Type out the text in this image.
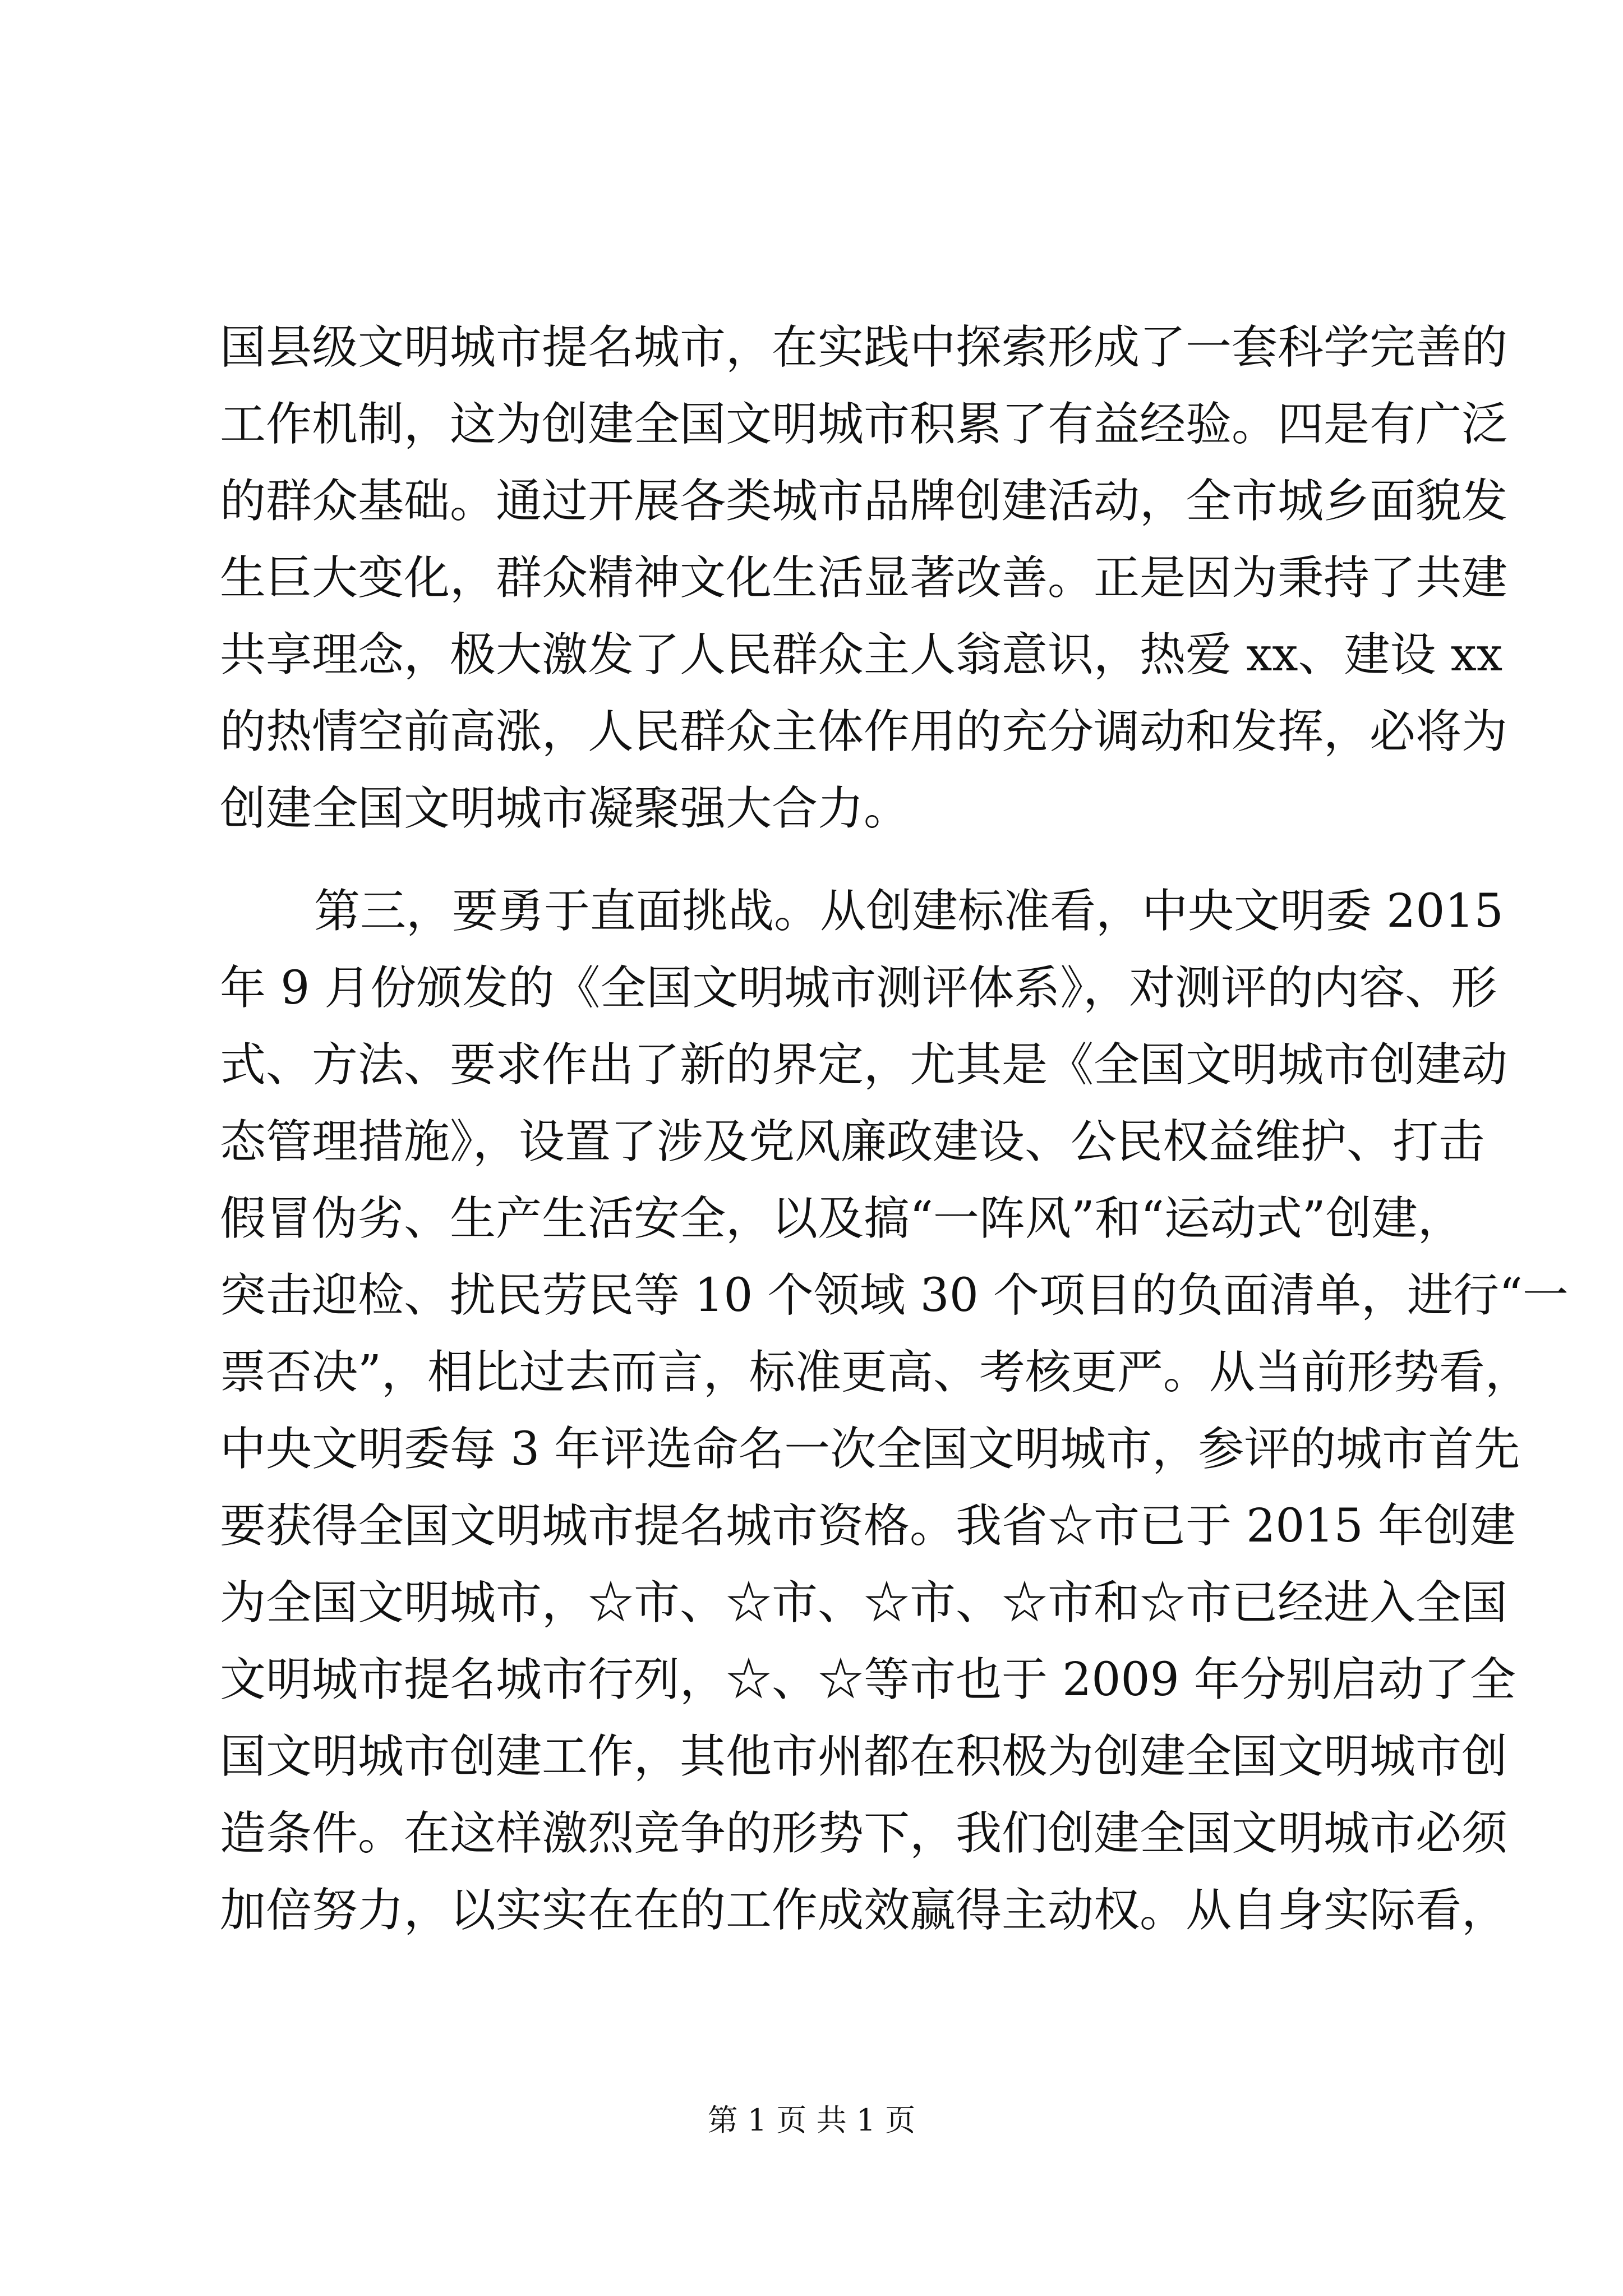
国县级文明城市提名城市，在实践中探索形成了一套科学完善的
工作机制，这为创建全国文明城市积累了有益经验。四是有广泛
的群众基础。通过开展各类城市品牌创建活动，全市城乡面貌发
生巨大变化，群众精神文化生活显著改善。正是因为秉持了共建
共享理念，极大激发了人民群众主人翁意识，热爱 xx、建设 xx
的热情空前高涨，人民群众主体作用的充分调动和发挥，必将为
创建全国文明城市凝聚强大合力。
第三，要勇于直面挑战。从创建标准看，中央文明委 2015
年 9 月份颁发的《全国文明城市测评体系》，对测评的内容、形
式、方法、要求作出了新的界定，尤其是《全国文明城市创建动
态管理措施》，设置了涉及党风廉政建设、公民权益维护、打击
假冒伪劣、生产生活安全，以及搞“一阵风”和“运动式”创建，
突击迎检、扰民劳民等 10 个领域 30 个项目的负面清单，进行“一
票否决”，相比过去而言，标准更高、考核更严。从当前形势看，
中央文明委每 3 年评选命名一次全国文明城市，参评的城市首先
要获得全国文明城市提名城市资格。我省☆市已于 2015 年创建
为全国文明城市，☆市、☆市、☆市、☆市和☆市已经进入全国
文明城市提名城市行列，☆、☆等市也于 2009 年分别启动了全
国文明城市创建工作，其他市州都在积极为创建全国文明城市创
造条件。在这样激烈竞争的形势下，我们创建全国文明城市必须
加倍努力，以实实在在的工作成效赢得主动权。从自身实际看，
第 1 页 共 1 页
